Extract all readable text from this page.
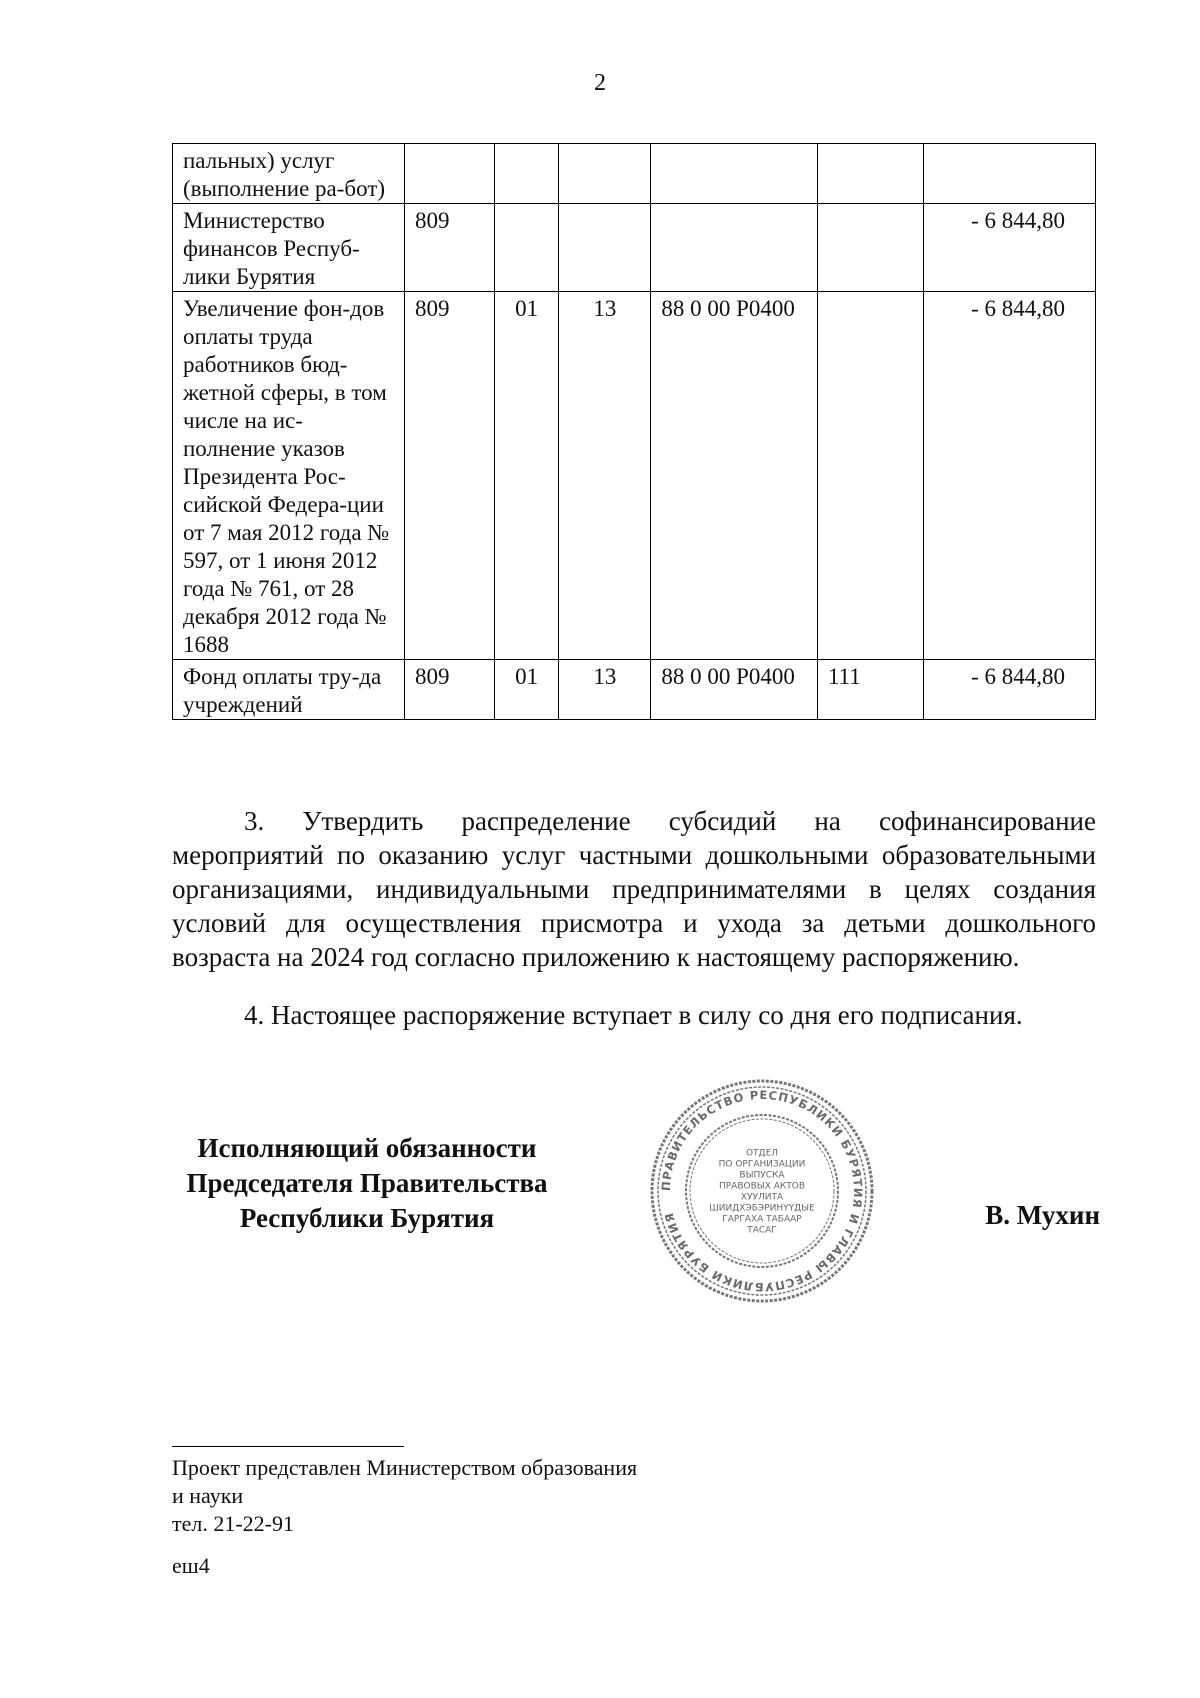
2
пальных) услуг (выполнение ра-бот)						
Министерство финансов Респуб-лики Бурятия	809					- 6 844,80
Увеличение фон-дов оплаты труда работников бюд-жетной сферы, в том числе на ис-полнение указов Президента Рос-сийской Федера-ции от 7 мая 2012 года № 597, от 1 июня 2012 года № 761, от 28 декабря 2012 года № 1688	809	01	13	88 0 00 P0400		- 6 844,80
Фонд оплаты тру-да учреждений	809	01	13	88 0 00 P0400	111	- 6 844,80
3. Утвердить распределение субсидий на софинансирование мероприятий по оказанию услуг частными дошкольными образовательными организациями, индивидуальными предпринимателями в целях создания условий для осуществления присмотра и ухода за детьми дошкольного возраста на 2024 год согласно приложению к настоящему распоряжению.
4. Настоящее распоряжение вступает в силу со дня его подписания.
Исполняющий обязанности
Председателя Правительства
Республики Бурятия
ПРАВИТЕЛЬСТВО РЕСПУБЛИКИ БУРЯТИЯ И ГЛАВЫ РЕСПУБЛИКИ БУРЯТИЯ
ОТДЕЛ
ПО ОРГАНИЗАЦИИ
ВЫПУСКА
ПРАВОВЫХ АКТОВ
ХУУЛИТА
ШИИДХЭБЭРИНҮҮДЫЕ
ГАРГАХА ТАБААР
ТАСАГ
В. Мухин
Проект представлен Министерством образования
и науки
тел. 21-22-91
еш4
